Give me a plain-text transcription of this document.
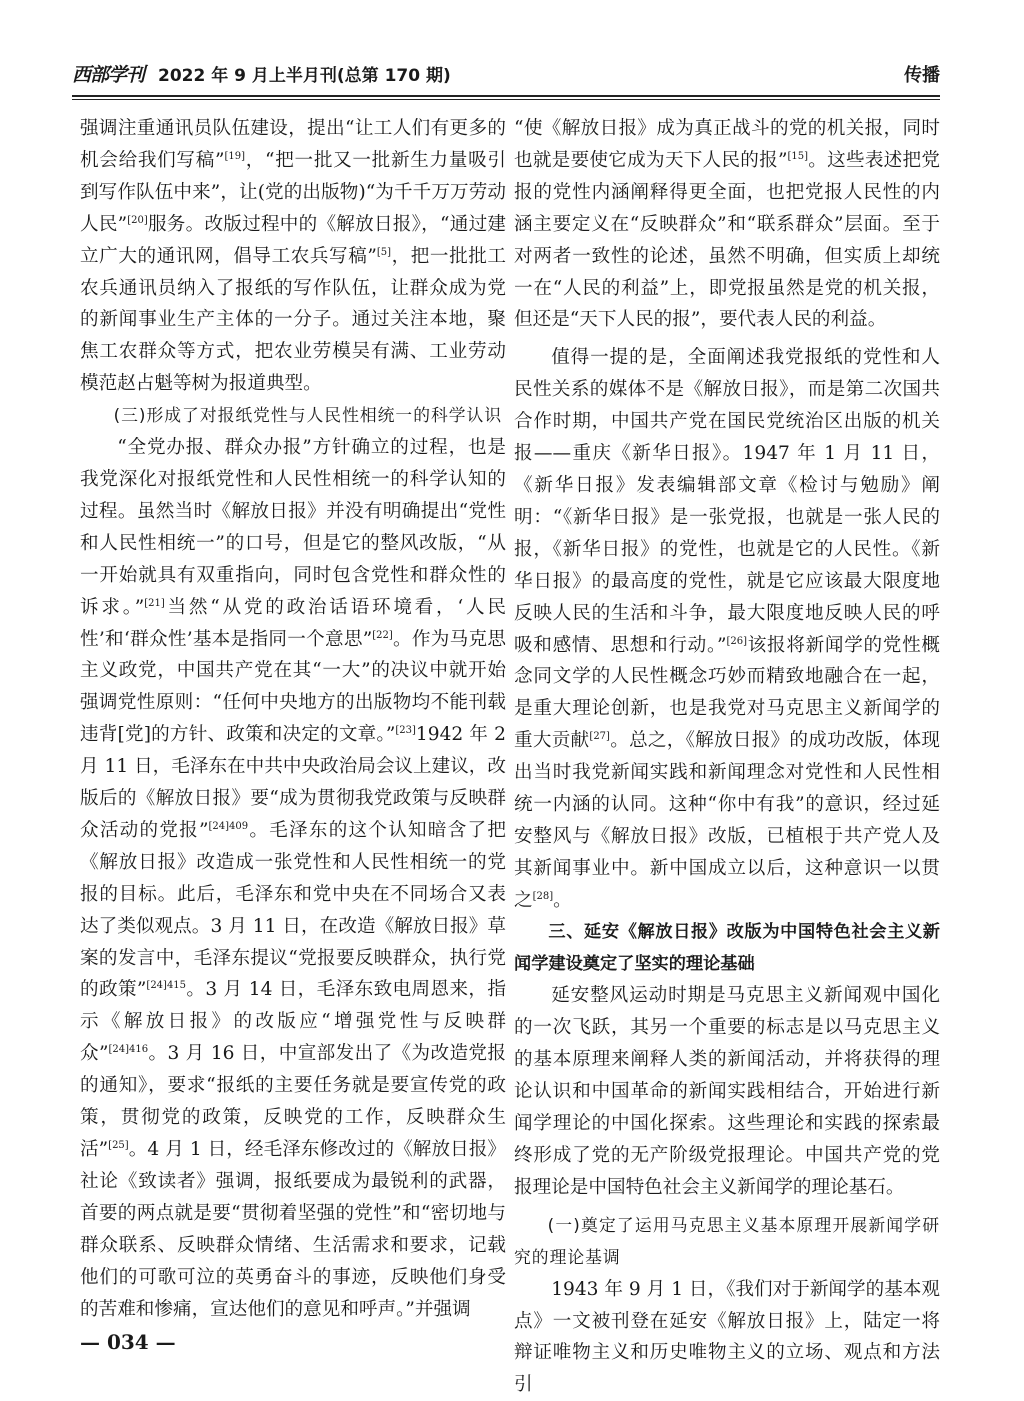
西部学刊 2022 年 9 月上半月刊(总第 170 期)	传播

强调注重通讯员队伍建设，提出“让工人们有更多的机会给我们写稿”[19]，“把一批又一批新生力量吸引到写作队伍中来”，让(党的出版物)“为千千万万劳动人民”[20]服务。改版过程中的《解放日报》，“通过建立广大的通讯网，倡导工农兵写稿”[5]，把一批批工农兵通讯员纳入了报纸的写作队伍，让群众成为党的新闻事业生产主体的一分子。通过关注本地，聚焦工农群众等方式，把农业劳模吴有满、工业劳动模范赵占魁等树为报道典型。

(三)形成了对报纸党性与人民性相统一的科学认识

“全党办报、群众办报”方针确立的过程，也是我党深化对报纸党性和人民性相统一的科学认知的过程。虽然当时《解放日报》并没有明确提出“党性和人民性相统一”的口号，但是它的整风改版，“从一开始就具有双重指向，同时包含党性和群众性的诉求。”[21]当然“从党的政治话语环境看，‘人民性’和‘群众性’基本是指同一个意思”[22]。作为马克思主义政党，中国共产党在其“一大”的决议中就开始强调党性原则：“任何中央地方的出版物均不能刊载违背[党]的方针、政策和决定的文章。”[23]1942 年 2 月 11 日，毛泽东在中共中央政治局会议上建议，改版后的《解放日报》要“成为贯彻我党政策与反映群众活动的党报”$^{[24]409}$。毛泽东的这个认知暗含了把《解放日报》改造成一张党性和人民性相统一的党报的目标。此后，毛泽东和党中央在不同场合又表达了类似观点。3 月 11 日，在改造《解放日报》草案的发言中，毛泽东提议“党报要反映群众，执行党的政策”$^{[24]415}$。3 月 14 日，毛泽东致电周恩来，指示《解放日报》的改版应“增强党性与反映群众”$^{[24]416}$。3 月 16 日，中宣部发出了《为改造党报的通知》，要求“报纸的主要任务就是要宣传党的政策，贯彻党的政策，反映党的工作，反映群众生活”[25]。4 月 1 日，经毛泽东修改过的《解放日报》社论《致读者》强调，报纸要成为最锐利的武器，首要的两点就是要“贯彻着坚强的党性”和“密切地与群众联系、反映群众情绪、生活需求和要求，记载他们的可歌可泣的英勇奋斗的事迹，反映他们身受的苦难和惨痛，宣达他们的意见和呼声。”并强调

“使《解放日报》成为真正战斗的党的机关报，同时也就是要使它成为天下人民的报”[15]。这些表述把党报的党性内涵阐释得更全面，也把党报人民性的内涵主要定义在“反映群众”和“联系群众”层面。至于对两者一致性的论述，虽然不明确，但实质上却统一在“人民的利益”上，即党报虽然是党的机关报，但还是“天下人民的报”，要代表人民的利益。

值得一提的是，全面阐述我党报纸的党性和人民性关系的媒体不是《解放日报》，而是第二次国共合作时期，中国共产党在国民党统治区出版的机关报——重庆《新华日报》。1947 年 1 月 11 日，《新华日报》发表编辑部文章《检讨与勉励》阐明：“《新华日报》是一张党报，也就是一张人民的报，《新华日报》的党性，也就是它的人民性。《新华日报》的最高度的党性，就是它应该最大限度地反映人民的生活和斗争，最大限度地反映人民的呼吸和感情、思想和行动。”[26]该报将新闻学的党性概念同文学的人民性概念巧妙而精致地融合在一起，是重大理论创新，也是我党对马克思主义新闻学的重大贡献[27]。总之，《解放日报》的成功改版，体现出当时我党新闻实践和新闻理念对党性和人民性相统一内涵的认同。这种“你中有我”的意识，经过延安整风与《解放日报》改版，已植根于共产党人及其新闻事业中。新中国成立以后，这种意识一以贯之[28]。

三、延安《解放日报》改版为中国特色社会主义新闻学建设奠定了坚实的理论基础

延安整风运动时期是马克思主义新闻观中国化的一次飞跃，其另一个重要的标志是以马克思主义的基本原理来阐释人类的新闻活动，并将获得的理论认识和中国革命的新闻实践相结合，开始进行新闻学理论的中国化探索。这些理论和实践的探索最终形成了党的无产阶级党报理论。中国共产党的党报理论是中国特色社会主义新闻学的理论基石。

(一)奠定了运用马克思主义基本原理开展新闻学研究的理论基调

1943 年 9 月 1 日，《我们对于新闻学的基本观点》一文被刊登在延安《解放日报》上，陆定一将辩证唯物主义和历史唯物主义的立场、观点和方法引

— 034 —
